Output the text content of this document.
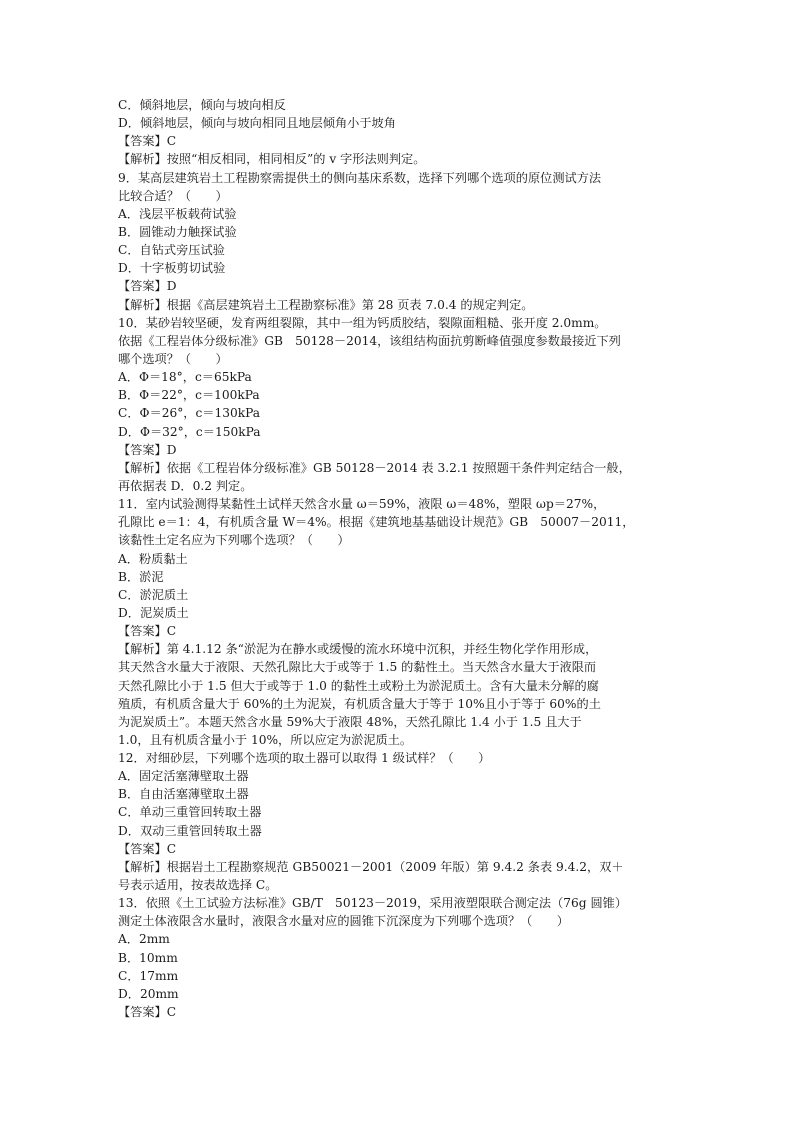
C．倾斜地层，倾向与坡向相反
D．倾斜地层，倾向与坡向相同且地层倾角小于坡角
【答案】C
【解析】按照“相反相同，相同相反”的 v 字形法则判定。
9．某高层建筑岩土工程勘察需提供土的侧向基床系数，选择下列哪个选项的原位测试方法
比较合适？（　　）
A．浅层平板载荷试验
B．圆锥动力触探试验
C．自钻式旁压试验
D．十字板剪切试验
【答案】D
【解析】根据《高层建筑岩土工程勘察标准》第 28 页表 7.0.4 的规定判定。
10．某砂岩较坚硬，发育两组裂隙，其中一组为钙质胶结，裂隙面粗糙、张开度 2.0mm。
依据《工程岩体分级标准》GB　50128－2014，该组结构面抗剪断峰值强度参数最接近下列
哪个选项？（　　）
A．Φ＝18°，c＝65kPa
B．Φ＝22°，c＝100kPa
C．Φ＝26°，c＝130kPa
D．Φ＝32°，c＝150kPa
【答案】D
【解析】依据《工程岩体分级标准》GB 50128－2014 表 3.2.1 按照题干条件判定结合一般，
再依据表 D．0.2 判定。
11．室内试验测得某黏性土试样天然含水量 ω＝59%，液限 ω＝48%，塑限 ωp＝27%，
孔隙比 e＝1：4，有机质含量 W＝4%。根据《建筑地基基础设计规范》GB　50007－2011，
该黏性土定名应为下列哪个选项？（　　）
A．粉质黏土
B．淤泥
C．淤泥质土
D．泥炭质土
【答案】C
【解析】第 4.1.12 条“淤泥为在静水或缓慢的流水环境中沉积，并经生物化学作用形成，
其天然含水量大于液限、天然孔隙比大于或等于 1.5 的黏性土。当天然含水量大于液限而
天然孔隙比小于 1.5 但大于或等于 1.0 的黏性土或粉土为淤泥质土。含有大量未分解的腐
殖质，有机质含量大于 60%的土为泥炭，有机质含量大于等于 10%且小于等于 60%的土
为泥炭质土”。本题天然含水量 59%大于液限 48%，天然孔隙比 1.4 小于 1.5 且大于
1.0，且有机质含量小于 10%，所以应定为淤泥质土。
12．对细砂层，下列哪个选项的取土器可以取得 1 级试样？（　　）
A．固定活塞薄壁取土器
B．自由活塞薄壁取土器
C．单动三重管回转取土器
D．双动三重管回转取土器
【答案】C
【解析】根据岩土工程勘察规范 GB50021－2001（2009 年版）第 9.4.2 条表 9.4.2，双＋
号表示适用，按表故选择 C。
13．依照《土工试验方法标准》GB/T　50123－2019，采用液塑限联合测定法（76g 圆锥）
测定土体液限含水量时，液限含水量对应的圆锥下沉深度为下列哪个选项？（　　）
A．2mm
B．10mm
C．17mm
D．20mm
【答案】C
